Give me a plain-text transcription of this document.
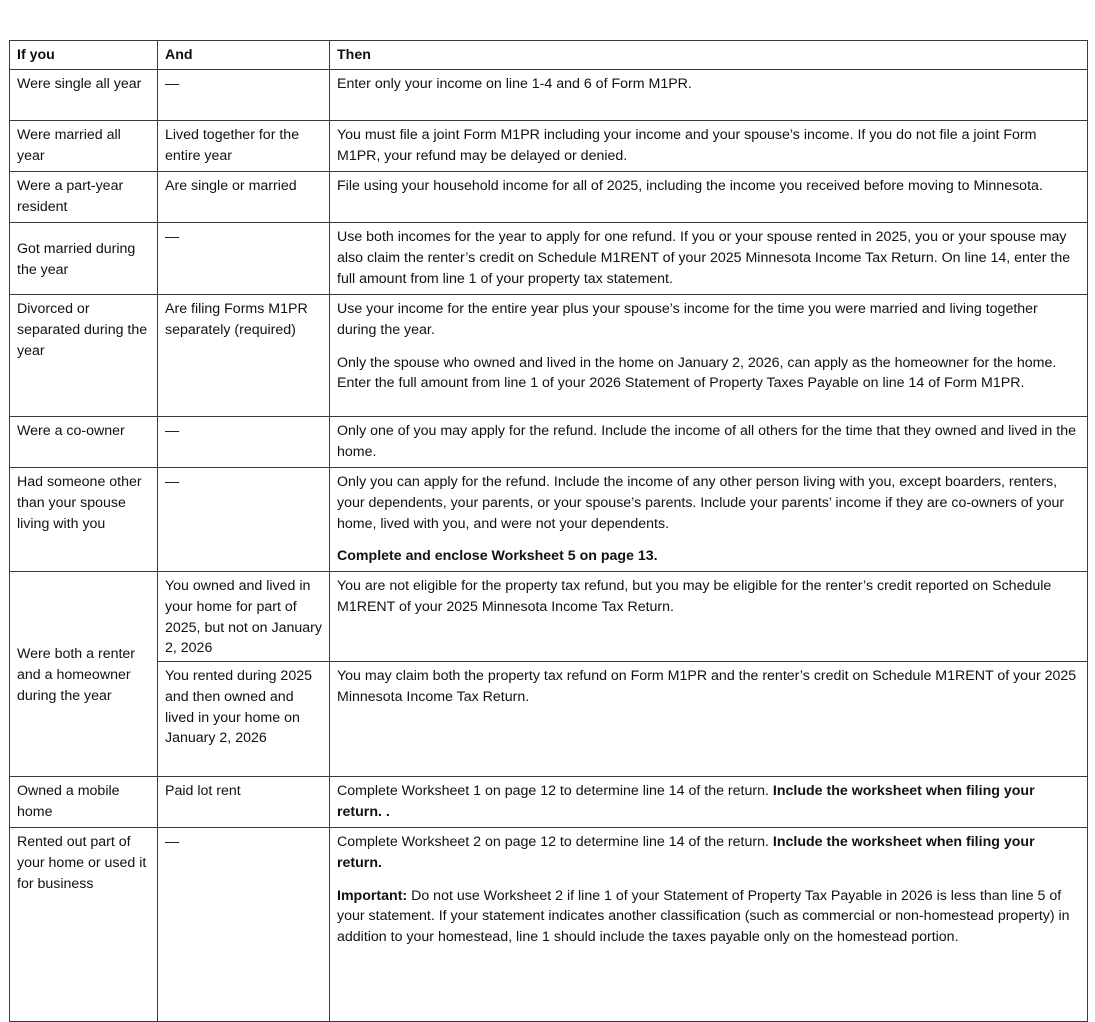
If you	And	Then
Were single all year	—	Enter only your income on line 1-4 and 6 of Form M1PR.
Were married all year	Lived together for the entire year	You must file a joint Form M1PR including your income and your spouse’s income. If you do not file a joint Form M1PR, your refund may be delayed or denied.
Were a part-year resident	Are single or married	File using your household income for all of 2025, including the income you received before moving to Minnesota.
Got married during the year	—	Use both incomes for the year to apply for one refund. If you or your spouse rented in 2025, you or your spouse may also claim the renter’s credit on Schedule M1RENT of your 2025 Minnesota Income Tax Return. On line 14, enter the full amount from line 1 of your property tax statement.
Divorced or separated during the year	Are filing Forms M1PR separately (required)	Use your income for the entire year plus your spouse’s income for the time you were married and living together during the year.

Only the spouse who owned and lived in the home on January 2, 2026, can apply as the homeowner for the home. Enter the full amount from line 1 of your 2026 Statement of Property Taxes Payable on line 14 of Form M1PR.

Were a co-owner	—	Only one of you may apply for the refund. Include the income of all others for the time that they owned and lived in the home.
Had someone other than your spouse living with you	—	Only you can apply for the refund. Include the income of any other person living with you, except boarders, renters, your dependents, your parents, or your spouse’s parents. Include your parents’ income if they are co-owners of your home, lived with you, and were not your dependents.

Complete and enclose Worksheet 5 on page 13.

Were both a renter and a homeowner during the year	You owned and lived in your home for part of 2025, but not on January 2, 2026	You are not eligible for the property tax refund, but you may be eligible for the renter’s credit reported on Schedule M1RENT of your 2025 Minnesota Income Tax Return.
	You rented during 2025 and then owned and lived in your home on January 2, 2026	You may claim both the property tax refund on Form M1PR and the renter’s credit on Schedule M1RENT of your 2025 Minnesota Income Tax Return.
Owned a mobile home	Paid lot rent	Complete Worksheet 1 on page 12 to determine line 14 of the return. Include the worksheet when filing your return. .
Rented out part of your home or used it for business	—	Complete Worksheet 2 on page 12 to determine line 14 of the return. Include the worksheet when filing your return.

Important: Do not use Worksheet 2 if line 1 of your Statement of Property Tax Payable in 2026 is less than line 5 of your statement. If your statement indicates another classification (such as commercial or non-homestead property) in addition to your homestead, line 1 should include the taxes payable only on the homestead portion.
